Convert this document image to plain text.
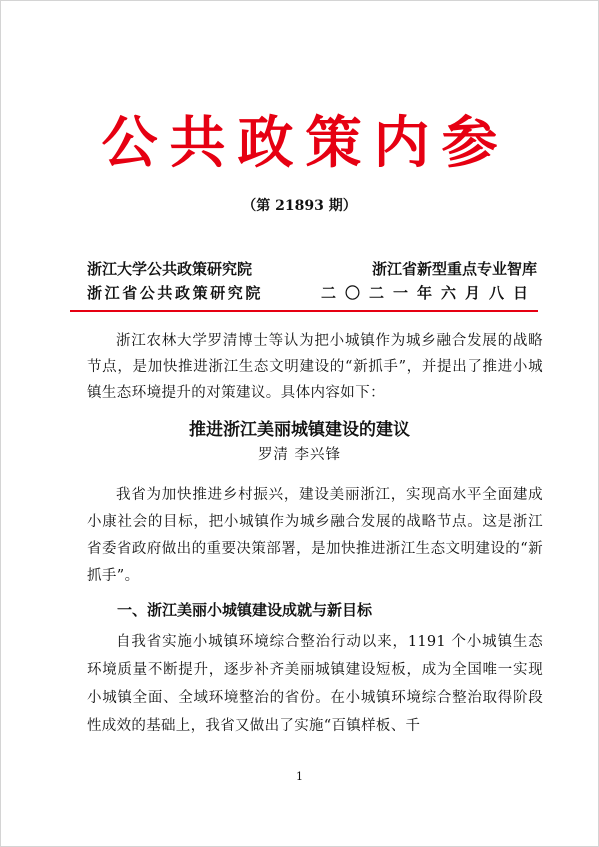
公共政策内参
（第 21893 期）
浙江大学公共政策研究院	浙江省新型重点专业智库
浙江省公共政策研究院	二〇二一年六月八日

浙江农林大学罗清博士等认为把小城镇作为城乡融合发展的战略节点，是加快推进浙江生态文明建设的“新抓手”，并提出了推进小城镇生态环境提升的对策建议。具体内容如下：

推进浙江美丽城镇建设的建议
罗清 李兴锋

我省为加快推进乡村振兴，建设美丽浙江，实现高水平全面建成小康社会的目标，把小城镇作为城乡融合发展的战略节点。这是浙江省委省政府做出的重要决策部署，是加快推进浙江生态文明建设的“新抓手”。

一、浙江美丽小城镇建设成就与新目标

自我省实施小城镇环境综合整治行动以来，1191 个小城镇生态环境质量不断提升，逐步补齐美丽城镇建设短板，成为全国唯一实现小城镇全面、全域环境整治的省份。在小城镇环境综合整治取得阶段性成效的基础上，我省又做出了实施“百镇样板、千

1
